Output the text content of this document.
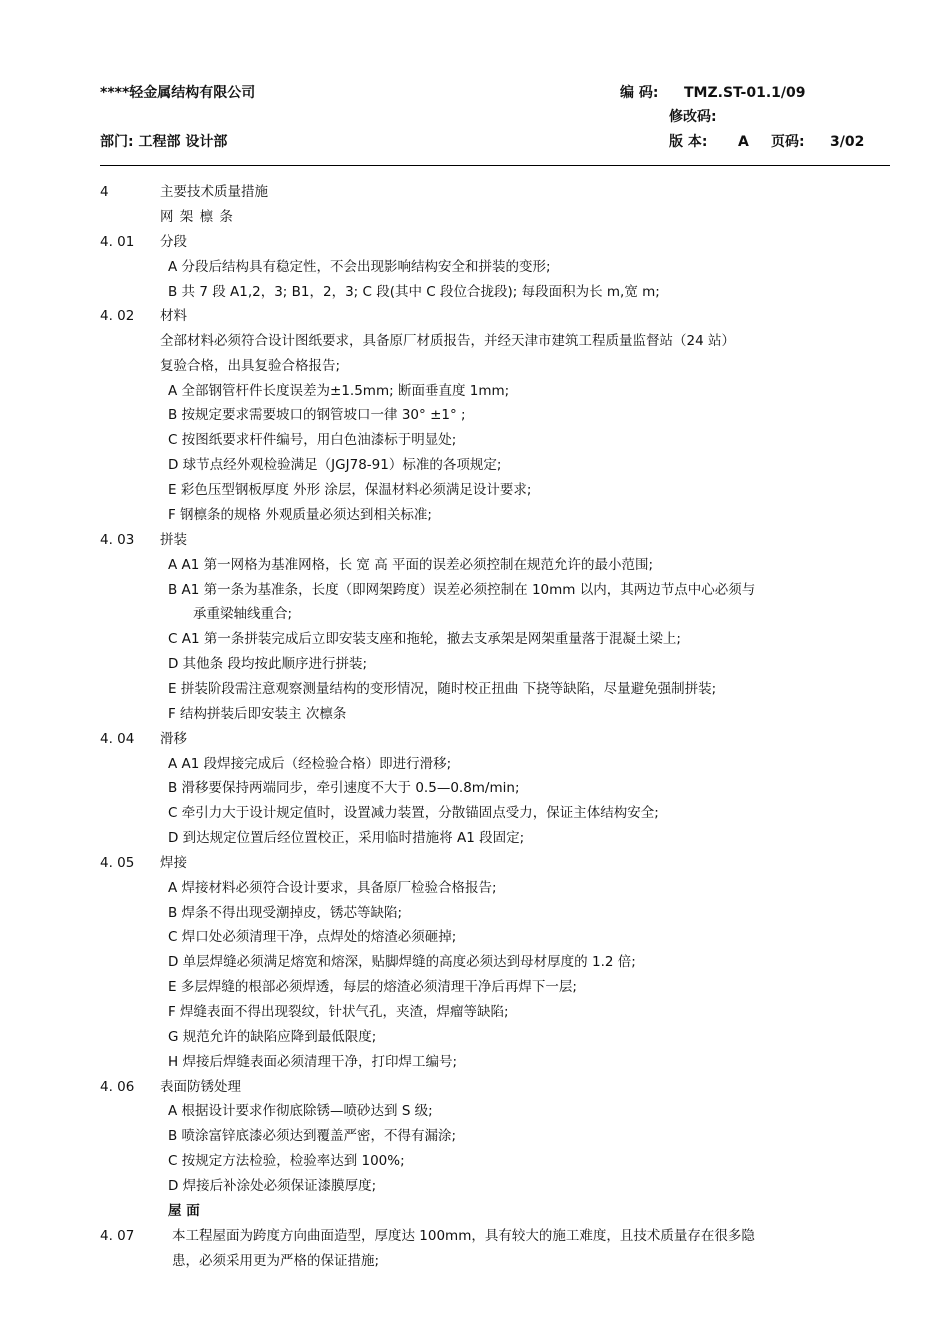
****轻金属结构有限公司	编 码: TMZ.ST-01.1/09
修改码:
部门: 工程部 设计部	版 本: A 页码: 3/02
4	主要技术质量措施
网 架 檩 条
4. 01 分段
A 分段后结构具有稳定性，不会出现影响结构安全和拼装的变形;
B 共 7 段 A1,2，3; B1，2，3; C 段(其中 C 段位合拢段); 每段面积为长 m,宽 m;
4. 02 材料
全部材料必须符合设计图纸要求，具备原厂材质报告，并经天津市建筑工程质量监督站（24 站）
复验合格，出具复验合格报告;
A 全部钢管杆件长度误差为±1.5mm; 断面垂直度 1mm;
B 按规定要求需要坡口的钢管坡口一律 30° ±1° ;
C 按图纸要求杆件编号，用白色油漆标于明显处;
D 球节点经外观检验满足（JGJ78-91）标准的各项规定;
E 彩色压型钢板厚度 外形 涂层，保温材料必须满足设计要求;
F 钢檩条的规格 外观质量必须达到相关标准;
4. 03 拼装
A A1 第一网格为基准网格，长 宽 高 平面的误差必须控制在规范允许的最小范围;
B A1 第一条为基准条，长度（即网架跨度）误差必须控制在 10mm 以内，其两边节点中心必须与
承重梁轴线重合;
C A1 第一条拼装完成后立即安装支座和拖轮，撤去支承架是网架重量落于混凝土梁上;
D 其他条 段均按此顺序进行拼装;
E 拼装阶段需注意观察测量结构的变形情况，随时校正扭曲 下挠等缺陷，尽量避免强制拼装;
F 结构拼装后即安装主 次檩条
4. 04 滑移
A A1 段焊接完成后（经检验合格）即进行滑移;
B 滑移要保持两端同步，牵引速度不大于 0.5—0.8m/min;
C 牵引力大于设计规定值时，设置减力装置，分散锚固点受力，保证主体结构安全;
D 到达规定位置后经位置校正，采用临时措施将 A1 段固定;
4. 05 焊接
A 焊接材料必须符合设计要求，具备原厂检验合格报告;
B 焊条不得出现受潮掉皮，锈芯等缺陷;
C 焊口处必须清理干净，点焊处的熔渣必须砸掉;
D 单层焊缝必须满足熔宽和熔深，贴脚焊缝的高度必须达到母材厚度的 1.2 倍;
E 多层焊缝的根部必须焊透，每层的熔渣必须清理干净后再焊下一层;
F 焊缝表面不得出现裂纹，针状气孔，夹渣，焊瘤等缺陷;
G 规范允许的缺陷应降到最低限度;
H 焊接后焊缝表面必须清理干净，打印焊工编号;
4. 06 表面防锈处理
A 根据设计要求作彻底除锈—喷砂达到 S 级;
B 喷涂富锌底漆必须达到覆盖严密，不得有漏涂;
C 按规定方法检验，检验率达到 100%;
D 焊接后补涂处必须保证漆膜厚度;
屋 面
4. 07	本工程屋面为跨度方向曲面造型，厚度达 100mm，具有较大的施工难度，且技术质量存在很多隐
患，必须采用更为严格的保证措施;
